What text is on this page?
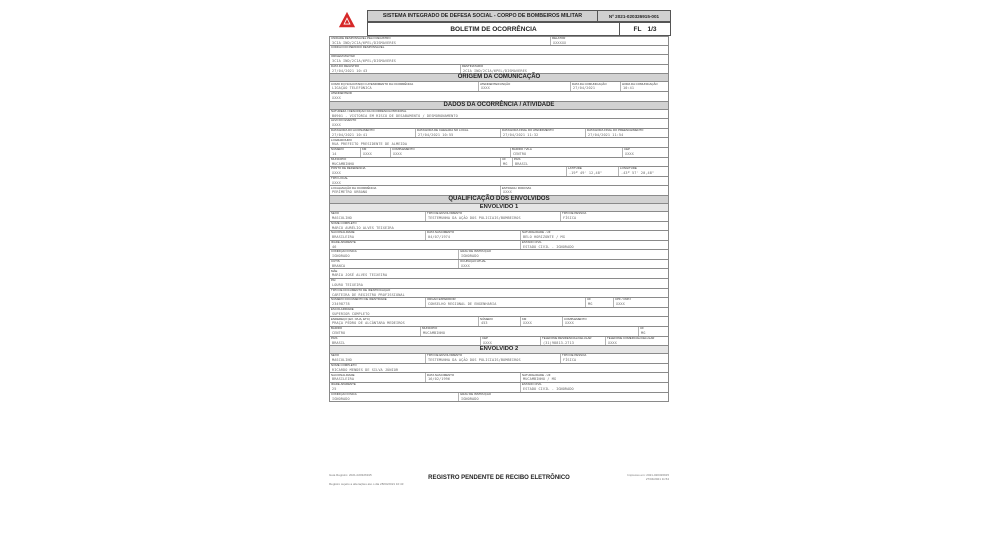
SISTEMA INTEGRADO DE DEFESA SOCIAL - CORPO DE BOMBEIROS MILITAR	Nº 2021-020326915-001
BOLETIM DE OCORRÊNCIA	FL 1/3
UNIDADE RESPONSÁVEL PELO REGISTRO
3CIA IND/2CIA/6PEL/DISMAVERES
RELATOR
XXXXXX
CÓDIGO DO PERÍODO RESPONSÁVEL
ORIGEM MILITAR
3CIA IND/2CIA/6PEL/DISMAVERES
DATA DO REGISTRO
27/04/2021 10:43
DESTINATÁRIO
2CIA IND/2CIA/6PEL/DISMAVERES
ORIGEM DA COMUNICAÇÃO
COMO FOI SOLICITADO O ATENDIMENTO DA OCORRÊNCIA
LIGAÇÃO TELEFÔNICA
ATENDENTE/FUNÇÃO
XXXX
DATA DA COMUNICAÇÃO
27/04/2021
HORA DA COMUNICAÇÃO
10:41
ATENDENTE/ID
XXXX
DADOS DA OCORRÊNCIA / ATIVIDADE
NATUREZA / DESCRIÇÃO DA OCORRÊNCIA PRINCIPAL
B0901 - VISTORIA EM RISCO DE DESABAMENTO / DESMORONAMENTO
ALVO DO EVENTO
XXXX
DATA/HORA DO ACIONAMENTO
27/04/2021 10:41
DATA/HORA DE CHEGADA NO LOCAL
27/04/2021 10:55
DATA/HORA FINAL DO ATENDIMENTO
27/04/2021 11:32
DATA/HORA FINAL DO PREENCHIMENTO
27/04/2021 11:54
LOGRADOURO
RUA PREFEITO PRESIDENTE DE ALMEIDA
NÚMERO
14
KM
XXXX
COMPLEMENTO
XXXX
BAIRRO / VILA
CENTRO
CEP
XXXX
MUNICÍPIO
MUCAMBINHO
UF
MG
PAÍS
BRASIL
PONTO DE REFERÊNCIA
XXXX
LATITUDE
-19º 49' 12,48"
LONGITUDE
-43º 57' 20,48"
TIPO LOCAL
XXXX
LOCALIZAÇÃO DA OCORRÊNCIA
PERÍMETRO URBANO
ESTRADA / RODOVIA
XXXX
QUALIFICAÇÃO DOS ENVOLVIDOS
ENVOLVIDO 1
SEXO
MASCULINO
TIPO DE ENVOLVIMENTO
TESTEMUNHA DA AÇÃO DOS POLICIAIS/BOMBEIROS
TIPO DE PESSOA
FÍSICA
NOME COMPLETO
MARCO AURÉLIO ALVES TEIXEIRA
NACIONALIDADE
BRASILEIRA
DATA NASCIMENTO
04/07/1974
NATURALIDADE - UF
BELO HORIZONTE / MG
IDADE APARENTE
46
ESTADO CIVIL
ESTADO CIVIL - IGNORADO
CONDIÇÃO FÍSICA
IGNORADO
GRAU DE INSTRUÇÃO
IGNORADO
CÚTIS
BRANCA
OCUPAÇÃO ATUAL
XXXX
MÃE
MARIA JOSÉ ALVES TEIXEIRA
PAI
LOURO TEIXEIRA
TIPO DE DOCUMENTO DE IDENTIFICAÇÃO
CARTEIRA DE REGISTRO PROFISSIONAL
NÚMERO DOCUMENTO DE IDENTIDADE
23498778
ÓRGÃO EXPEDIDOR
CONSELHO REGIONAL DE ENGENHARIA
UF
MG
CPF / CNPJ
XXXX
ESCOLARIDADE
SUPERIOR COMPLETO
ENDEREÇO (EX.: RUA, ETC)
PRAÇA PEDRO DE ALCÂNTARA MEDEIROS
NÚMERO
453
KM
XXXX
COMPLEMENTO
XXXX
BAIRRO
CENTRO
MUNICÍPIO
MUCAMBINHO
UF
MG
PAÍS
BRASIL
CEP
XXXX
TELEFONE RESIDENCIAL/CELULAR
(31)98813-2713
TELEFONE COMERCIAL/CELULAR
XXXX
ENVOLVIDO 2
SEXO
MASCULINO
TIPO DE ENVOLVIMENTO
TESTEMUNHA DA AÇÃO DOS POLICIAIS/BOMBEIROS
TIPO DE PESSOA
FÍSICA
NOME COMPLETO
RICARDO MENDES DE SILVA JÚNIOR
NACIONALIDADE
BRASILEIRA
DATA NASCIMENTO
16/02/1996
NATURALIDADE - UF
MUCAMBINHO / MG
IDADE APARENTE
25
ESTADO CIVIL
ESTADO CIVIL - IGNORADO
CONDIÇÃO FÍSICA
IGNORADO
GRAU DE INSTRUÇÃO
IGNORADO
Guia Registro: 2021-020326915
Registro sujeito a alterações até o dia 28/04/2021 10:43
REGISTRO PENDENTE DE RECIBO ELETRÔNICO	Impresso em: 2021-020326915
27/04/2021 11:54
